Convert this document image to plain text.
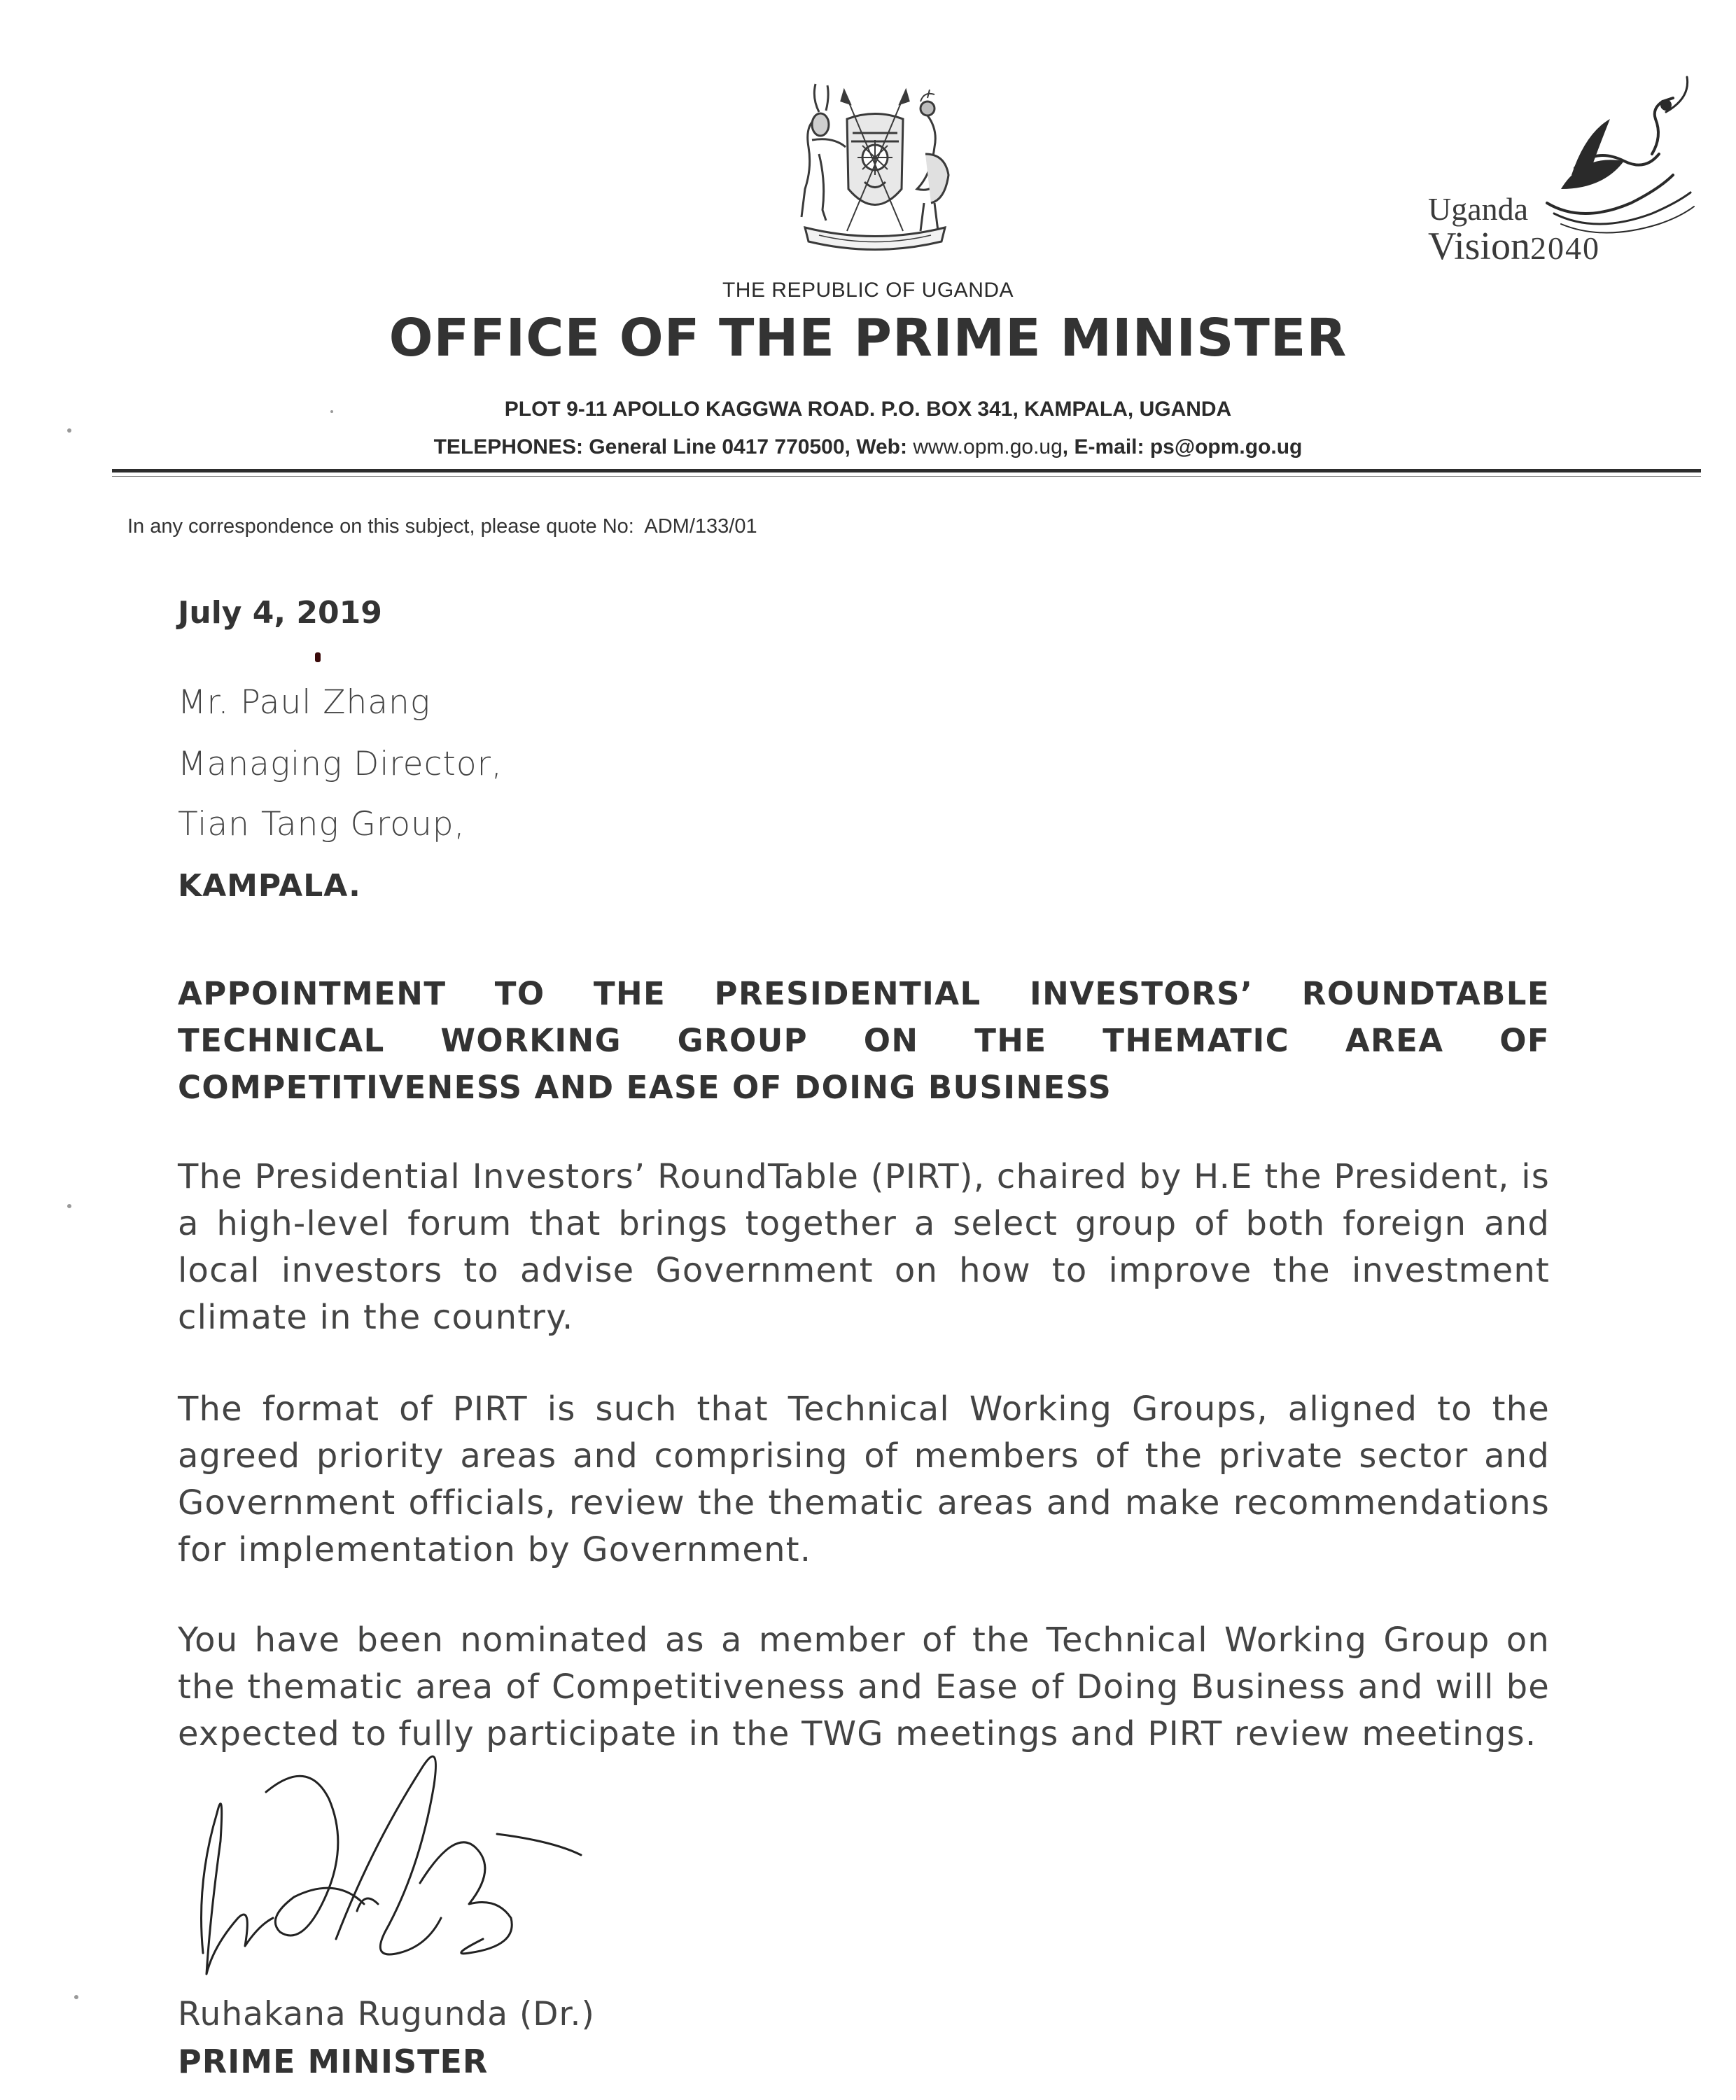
Uganda
Vision2040
THE REPUBLIC OF UGANDA
OFFICE OF THE PRIME MINISTER
PLOT 9-11 APOLLO KAGGWA ROAD. P.O. BOX 341, KAMPALA, UGANDA
TELEPHONES: General Line 0417 770500, Web: www.opm.go.ug, E-mail: ps@opm.go.ug
In any correspondence on this subject, please quote No: ADM/133/01
July 4, 2019
Mr. Paul Zhang
Managing Director,
Tian Tang Group,
KAMPALA.
APPOINTMENT TO THE PRESIDENTIAL INVESTORS’ ROUNDTABLE TECHNICAL WORKING GROUP ON THE THEMATIC AREA OF COMPETITIVENESS AND EASE OF DOING BUSINESS
The Presidential Investors’ RoundTable (PIRT), chaired by H.E the President, is a high-level forum that brings together a select group of both foreign and local investors to advise Government on how to improve the investment climate in the country.
The format of PIRT is such that Technical Working Groups, aligned to the agreed priority areas and comprising of members of the private sector and Government officials, review the thematic areas and make recommendations for implementation by Government.
You have been nominated as a member of the Technical Working Group on the thematic area of Competitiveness and Ease of Doing Business and will be expected to fully participate in the TWG meetings and PIRT review meetings.
Ruhakana Rugunda (Dr.)
PRIME MINISTER
